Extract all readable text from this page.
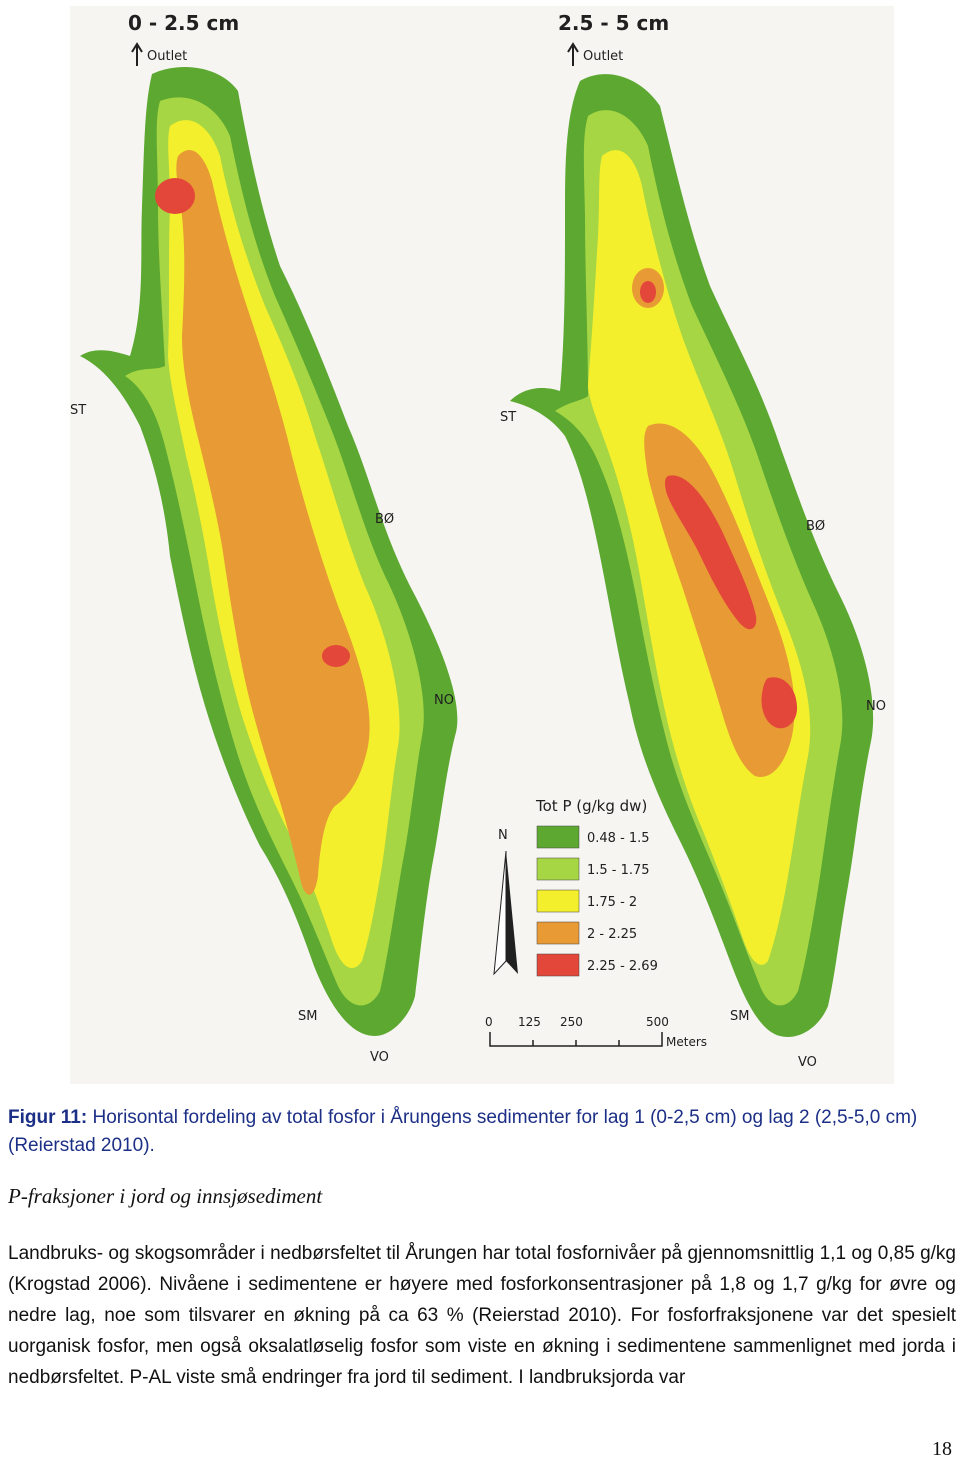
0 - 2.5 cm	2.5 - 5 cm
Outlet	Outlet
ST
BØ
NO
SM
VO
ST
BØ
NO
SM
VO
N
Tot P (g/kg dw)
0.48 - 1.5
1.5 - 1.75
1.75 - 2
2 - 2.25
2.25 - 2.69
0 125 250	500
Meters
Figur 11: Horisontal fordeling av total fosfor i Årungens sedimenter for lag 1 (0-2,5 cm) og lag 2 (2,5-5,0 cm) (Reierstad 2010).
P-fraksjoner i jord og innsjøsediment

Landbruks- og skogsområder i nedbørsfeltet til Årungen har total fosfornivåer på gjennomsnittlig 1,1 og 0,85 g/kg (Krogstad 2006). Nivåene i sedimentene er høyere med fosforkonsentrasjoner på 1,8 og 1,7 g/kg for øvre og nedre lag, noe som tilsvarer en økning på ca 63 % (Reierstad 2010). For fosforfraksjonene var det spesielt uorganisk fosfor, men også oksalatløselig fosfor som viste en økning i sedimentene sammenlignet med jorda i nedbørsfeltet. P-AL viste små endringer fra jord til sediment. I landbruksjorda var

18
